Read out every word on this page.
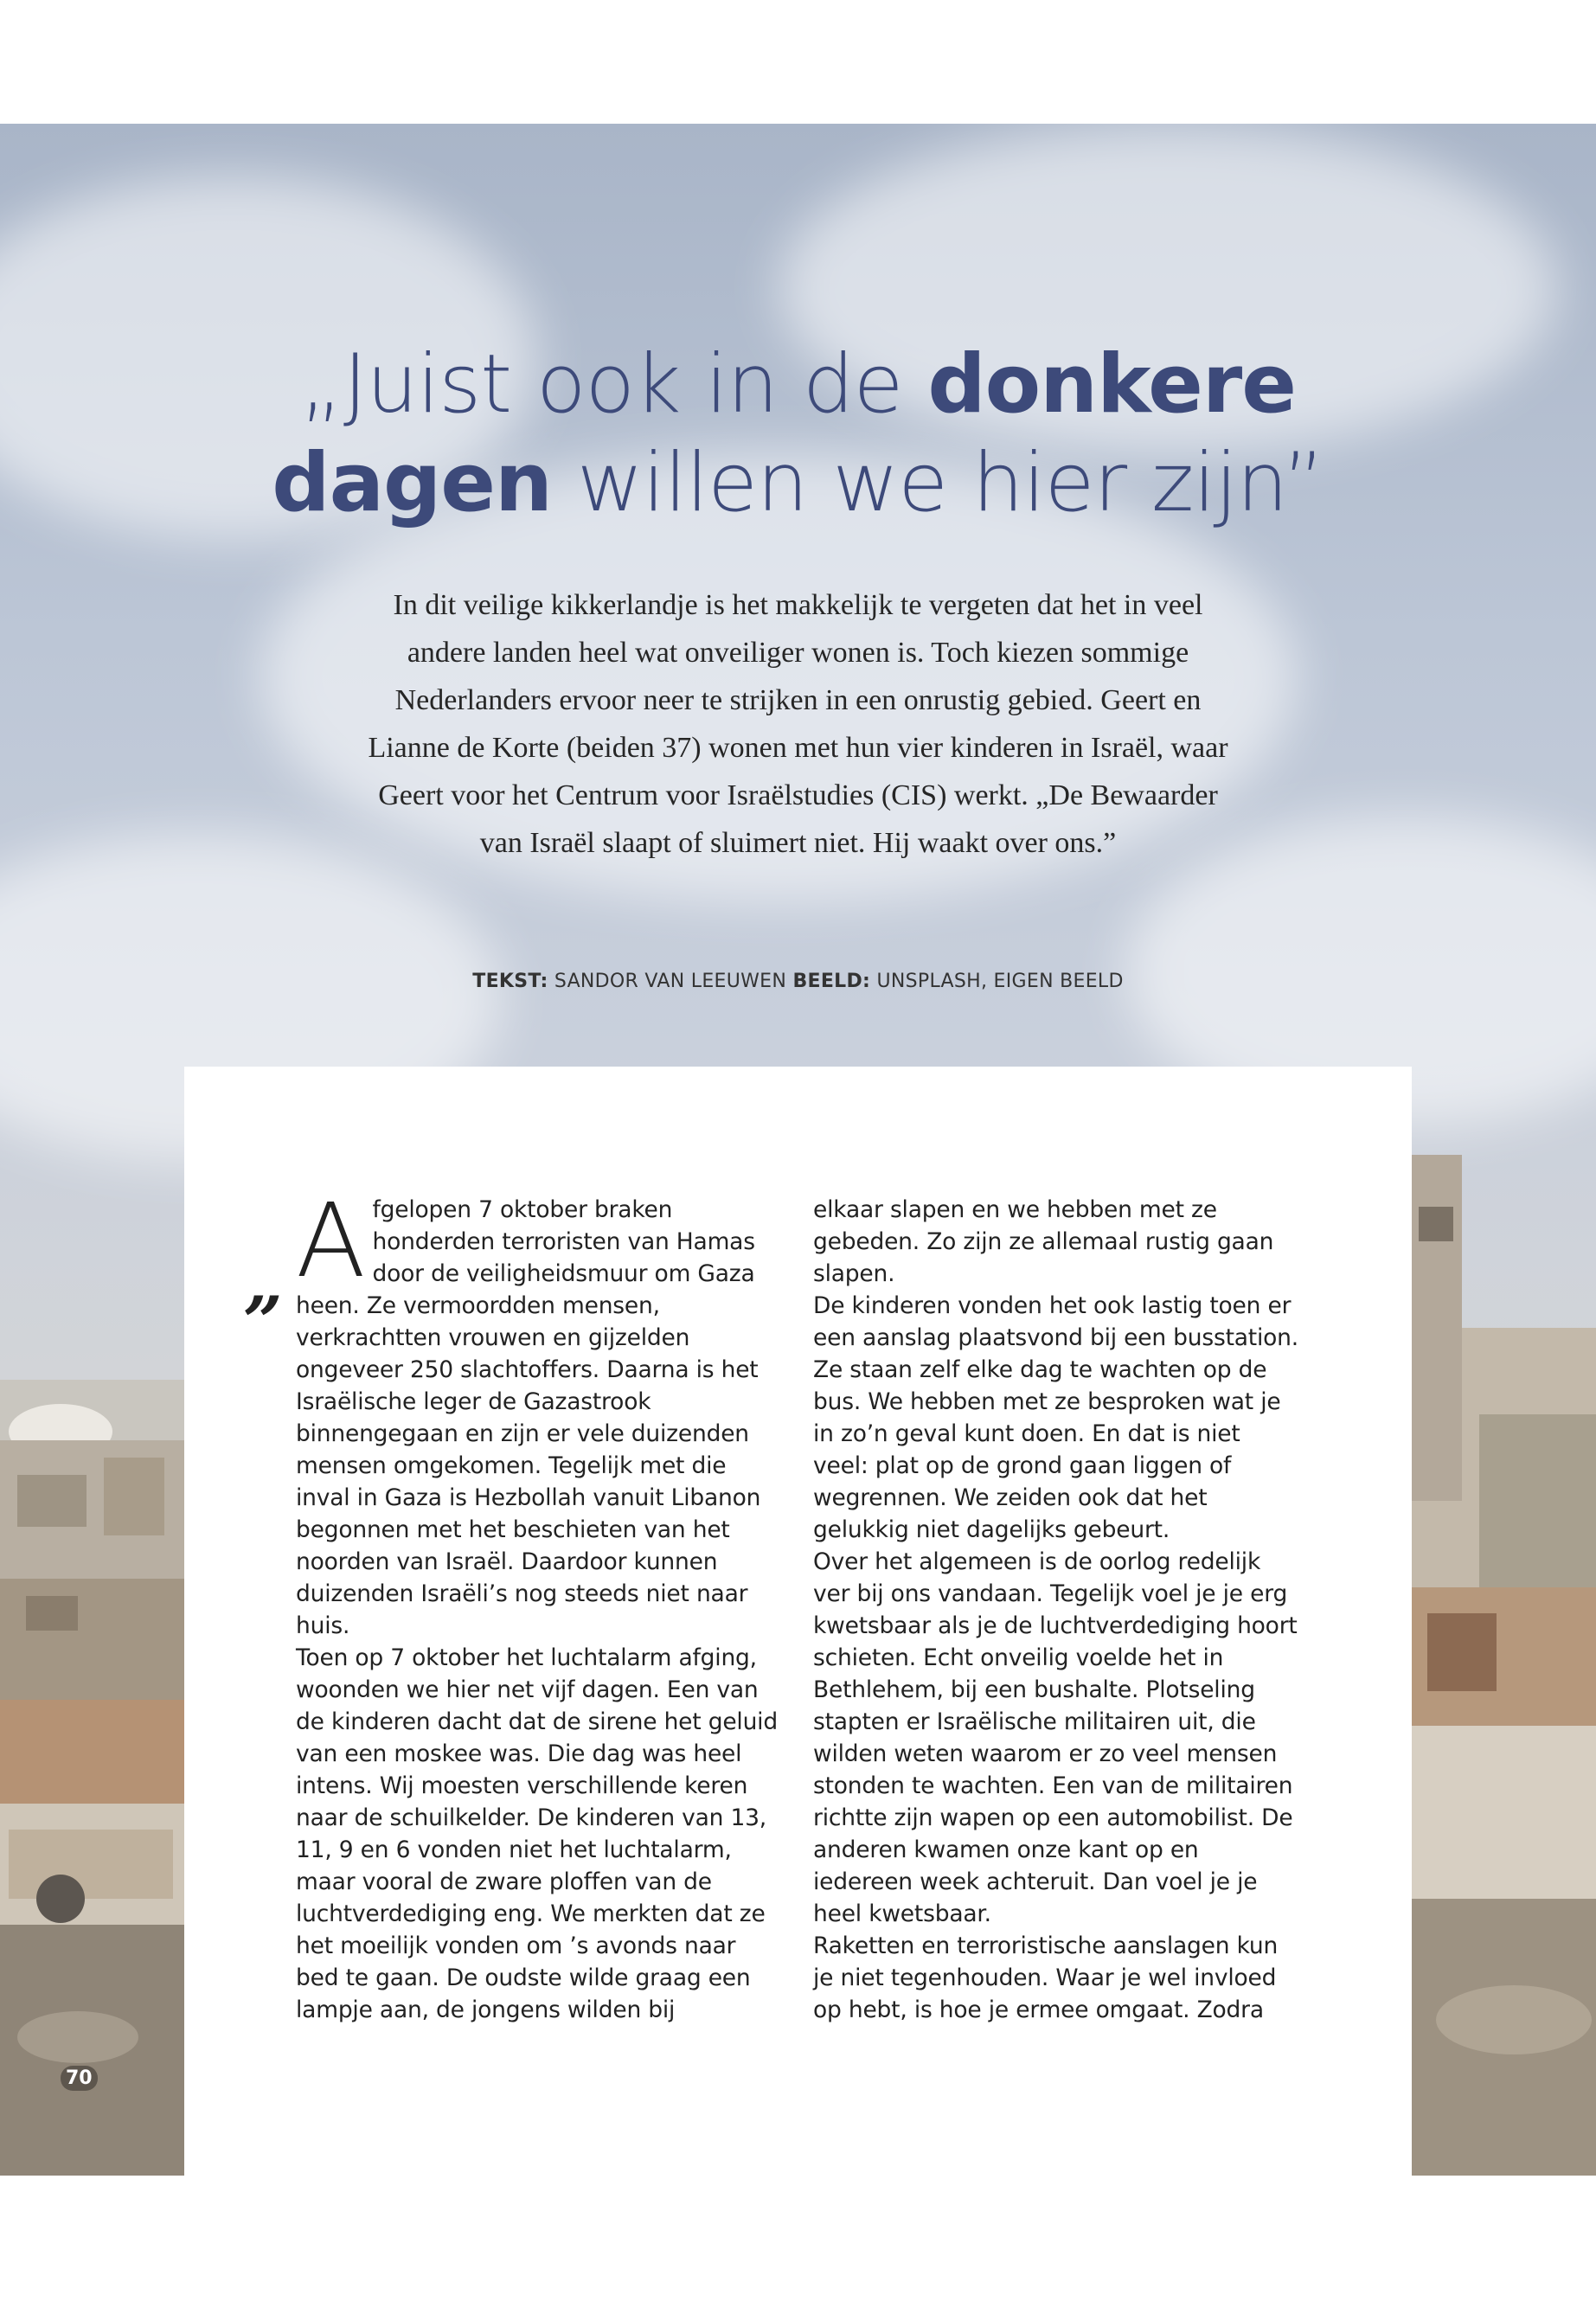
„Juist ook in de donkere
dagen willen we hier zijn”
In dit veilige kikkerlandje is het makkelijk te vergeten dat het in veel andere landen heel wat onveiliger wonen is. Toch kiezen sommige Nederlanders ervoor neer te strijken in een onrustig gebied. Geert en Lianne de Korte (beiden 37) wonen met hun vier kinderen in Israël, waar Geert voor het Centrum voor Israëlstudies (CIS) werkt. „De Bewaarder van Israël slaapt of sluimert niet. Hij waakt over ons.”
TEKST: SANDOR VAN LEEUWEN BEELD: UNSPLASH, EIGEN BEELD
„ Afgelopen 7 oktober braken honderden terroristen van Hamas door de veiligheidsmuur om Gaza heen. Ze vermoordden mensen, verkrachtten vrouwen en gijzelden ongeveer 250 slachtoffers. Daarna is het Israëlische leger de Gazastrook binnengegaan en zijn er vele duizenden mensen omgekomen. Tegelijk met die inval in Gaza is Hezbollah vanuit Libanon begonnen met het beschieten van het noorden van Israël. Daardoor kunnen duizenden Israëli’s nog steeds niet naar huis.

Toen op 7 oktober het luchtalarm afging, woonden we hier net vijf dagen. Een van de kinderen dacht dat de sirene het geluid van een moskee was. Die dag was heel intens. Wij moesten verschillende keren naar de schuilkelder. De kinderen van 13, 11, 9 en 6 vonden niet het luchtalarm, maar vooral de zware ploffen van de luchtverdediging eng. We merkten dat ze het moeilijk vonden om ’s avonds naar bed te gaan. De oudste wilde graag een lampje aan, de jongens wilden bij

elkaar slapen en we hebben met ze gebeden. Zo zijn ze allemaal rustig gaan slapen.

De kinderen vonden het ook lastig toen er een aanslag plaatsvond bij een busstation. Ze staan zelf elke dag te wachten op de bus. We hebben met ze besproken wat je in zo’n geval kunt doen. En dat is niet veel: plat op de grond gaan liggen of wegrennen. We zeiden ook dat het gelukkig niet dagelijks gebeurt.

Over het algemeen is de oorlog redelijk ver bij ons vandaan. Tegelijk voel je je erg kwetsbaar als je de luchtverdediging hoort schieten. Echt onveilig voelde het in Bethlehem, bij een bushalte. Plotseling stapten er Israëlische militairen uit, die wilden weten waarom er zo veel mensen stonden te wachten. Een van de militairen richtte zijn wapen op een automobilist. De anderen kwamen onze kant op en iedereen week achteruit. Dan voel je je heel kwetsbaar.

Raketten en terroristische aanslagen kun je niet tegenhouden. Waar je wel invloed op hebt, is hoe je ermee omgaat. Zodra

70
